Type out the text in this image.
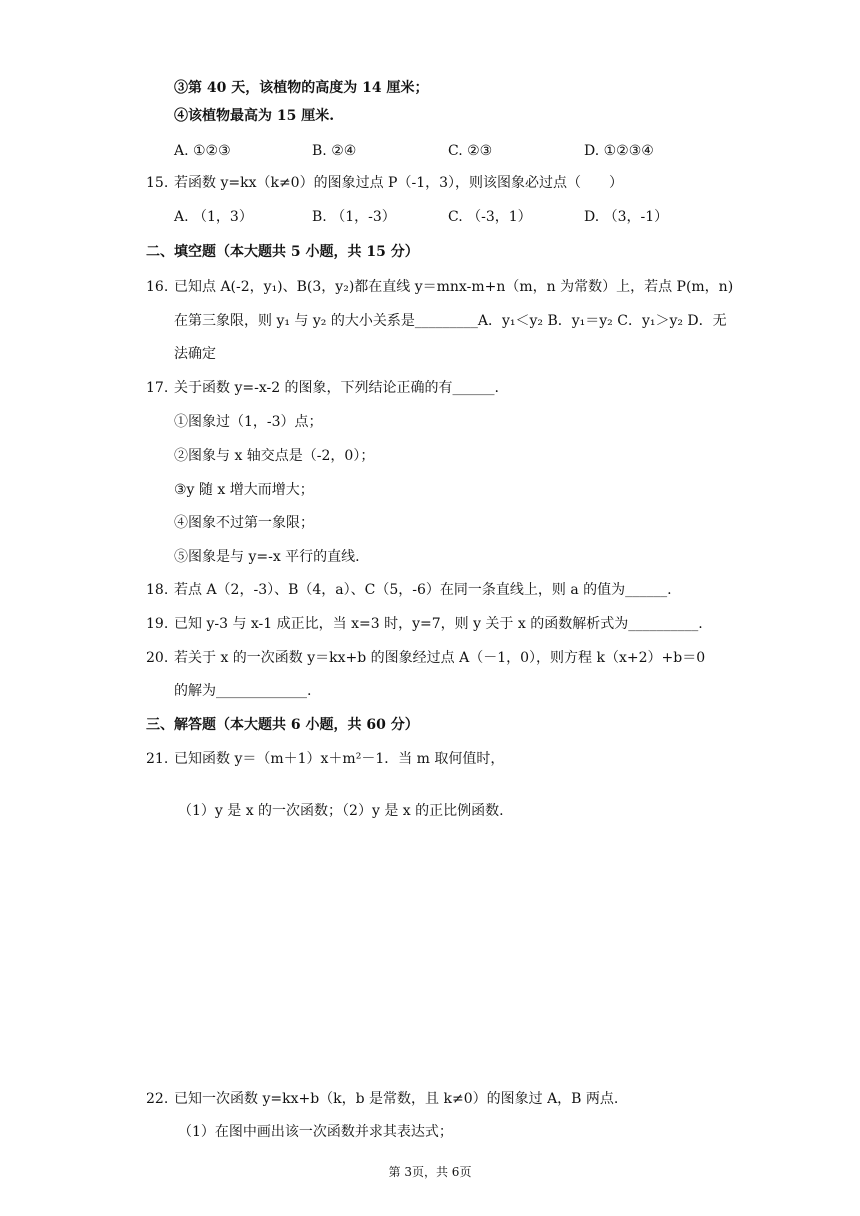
③第 40 天，该植物的高度为 14 厘米；
④该植物最高为 15 厘米.
A. ①②③	B. ②④	C. ②③	D. ①②③④
15. 若函数 y=kx（k≠0）的图象过点 P（-1，3），则该图象必过点（　　）
A. （1，3）	B. （1，-3）	C. （-3，1）	D. （3，-1）
二、填空题（本大题共 5 小题，共 15 分）
16. 已知点 A(-2，y₁)、B(3，y₂)都在直线 y＝mnx-m+n（m，n 为常数）上，若点 P(m，n)
在第三象限，则 y₁ 与 y₂ 的大小关系是_________A．y₁＜y₂ B．y₁＝y₂ C．y₁＞y₂ D．无
法确定
17. 关于函数 y=-x-2 的图象，下列结论正确的有______.
①图象过（1，-3）点；
②图象与 x 轴交点是（-2，0）；
③y 随 x 增大而增大；
④图象不过第一象限；
⑤图象是与 y=-x 平行的直线.
18. 若点 A（2，-3）、B（4，a）、C（5，-6）在同一条直线上，则 a 的值为______.
19. 已知 y-3 与 x-1 成正比，当 x=3 时，y=7，则 y 关于 x 的函数解析式为__________.
20. 若关于 x 的一次函数 y＝kx+b 的图象经过点 A（－1，0），则方程 k（x+2）+b＝0
的解为_____________.
三、解答题（本大题共 6 小题，共 60 分）
21. 已知函数 y＝（m＋1）x＋m²－1．当 m 取何值时，
（1）y 是 x 的一次函数；（2）y 是 x 的正比例函数.
22. 已知一次函数 y=kx+b（k，b 是常数，且 k≠0）的图象过 A，B 两点.
（1）在图中画出该一次函数并求其表达式；
第 3页，共 6页
